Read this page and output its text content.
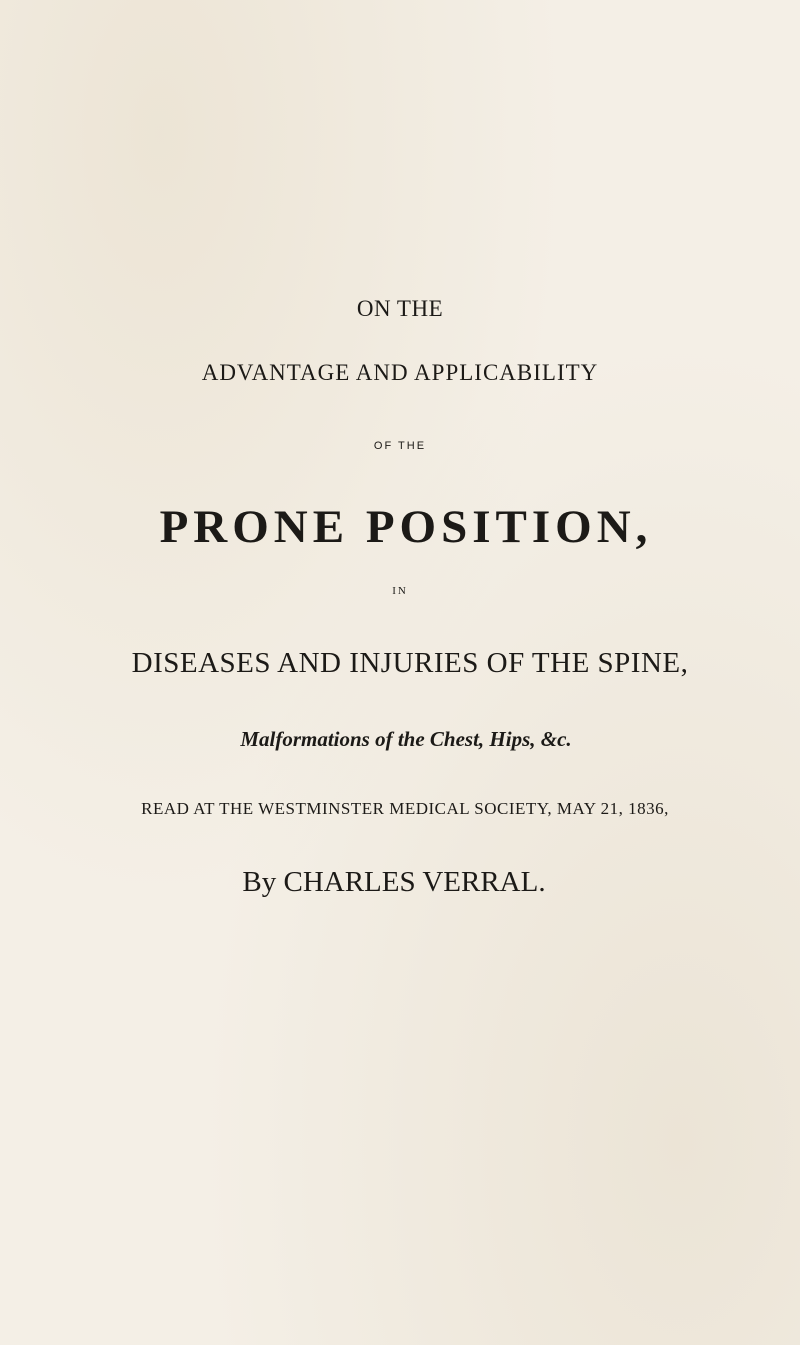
ON THE
ADVANTAGE AND APPLICABILITY
OF THE
PRONE POSITION,
IN
DISEASES AND INJURIES OF THE SPINE,
Malformations of the Chest, Hips, &c.
READ AT THE WESTMINSTER MEDICAL SOCIETY, MAY 21, 1836,
By CHARLES VERRAL.
